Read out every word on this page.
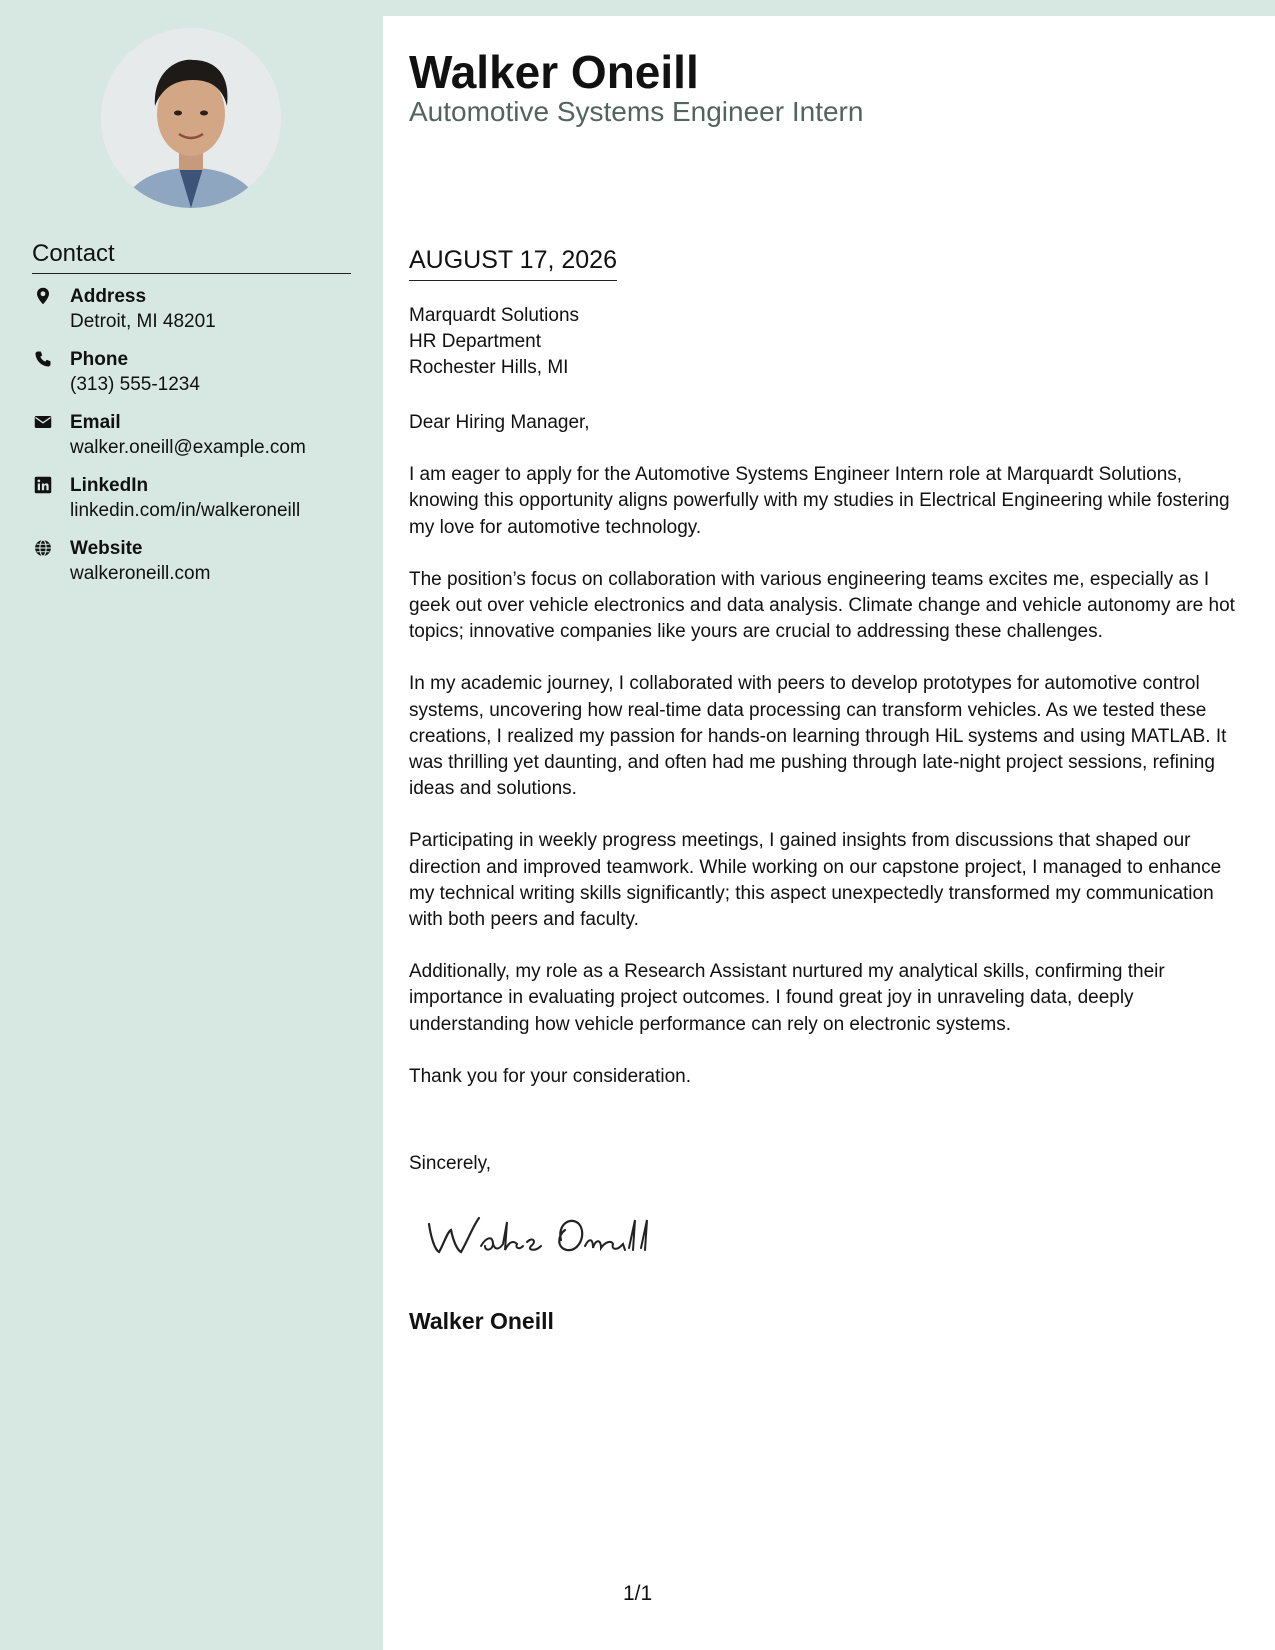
Contact
Address
Detroit, MI 48201
Phone
(313) 555-1234
Email
walker.oneill@example.com
LinkedIn
linkedin.com/in/walkeroneill
Website
walkeroneill.com
Walker Oneill
Automotive Systems Engineer Intern
AUGUST 17, 2026
Marquardt Solutions
HR Department
Rochester Hills, MI

Dear Hiring Manager,

I am eager to apply for the Automotive Systems Engineer Intern role at Marquardt Solutions, knowing this opportunity aligns powerfully with my studies in Electrical Engineering while fostering my love for automotive technology.

The position’s focus on collaboration with various engineering teams excites me, especially as I geek out over vehicle electronics and data analysis. Climate change and vehicle autonomy are hot topics; innovative companies like yours are crucial to addressing these challenges.

In my academic journey, I collaborated with peers to develop prototypes for automotive control systems, uncovering how real-time data processing can transform vehicles. As we tested these creations, I realized my passion for hands-on learning through HiL systems and using MATLAB. It was thrilling yet daunting, and often had me pushing through late-night project sessions, refining ideas and solutions.

Participating in weekly progress meetings, I gained insights from discussions that shaped our direction and improved teamwork. While working on our capstone project, I managed to enhance my technical writing skills significantly; this aspect unexpectedly transformed my communication with both peers and faculty.

Additionally, my role as a Research Assistant nurtured my analytical skills, confirming their importance in evaluating project outcomes. I found great joy in unraveling data, deeply understanding how vehicle performance can rely on electronic systems.

Thank you for your consideration.

Sincerely,
Walker Oneill
1/1
